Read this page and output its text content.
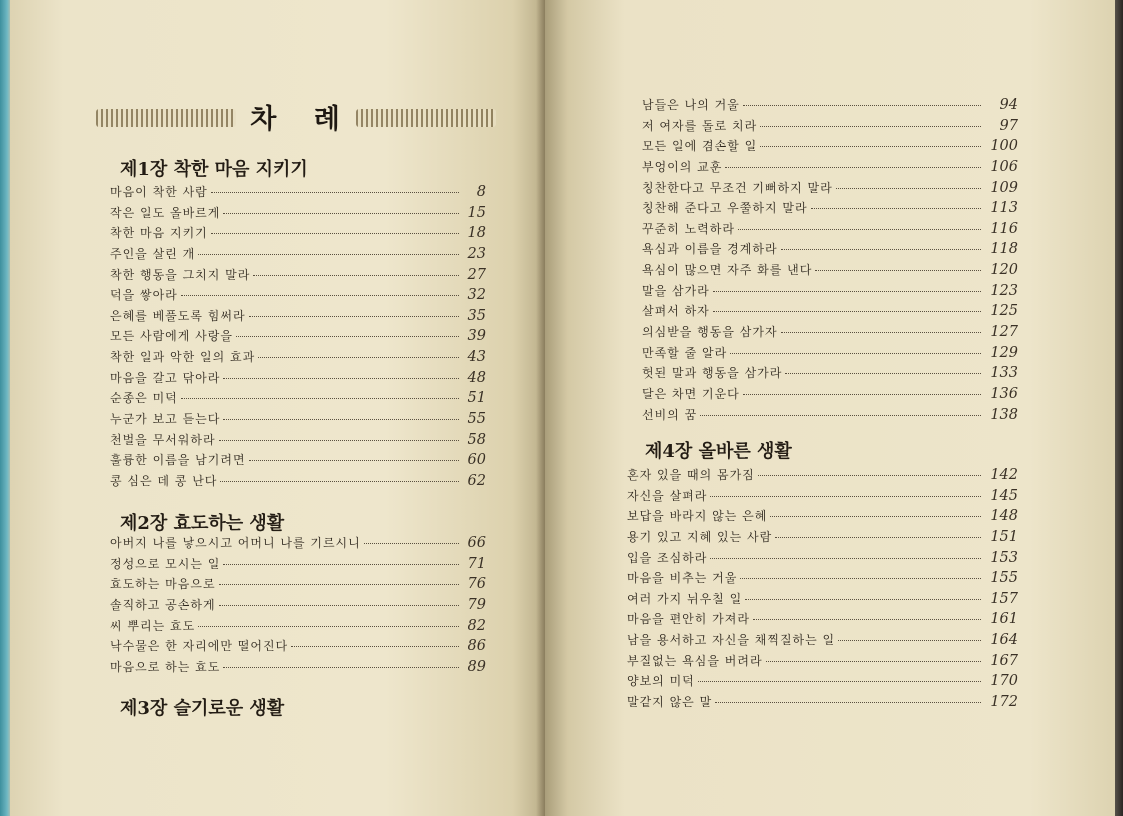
차 례
제1장 착한 마음 지키기
마음이 착한 사람	8
작은 일도 올바르게	15
착한 마음 지키기	18
주인을 살린 개	23
착한 행동을 그치지 말라	27
덕을 쌓아라	32
은혜를 베풀도록 힘써라	35
모든 사람에게 사랑을	39
착한 일과 악한 일의 효과	43
마음을 갈고 닦아라	48
순종은 미덕	51
누군가 보고 듣는다	55
천벌을 무서워하라	58
훌륭한 이름을 남기려면	60
콩 심은 데 콩 난다	62
제2장 효도하는 생활
아버지 나를 낳으시고 어머니 나를 기르시니	66
정성으로 모시는 일	71
효도하는 마음으로	76
솔직하고 공손하게	79
씨 뿌리는 효도	82
낙수물은 한 자리에만 떨어진다	86
마음으로 하는 효도	89
제3장 슬기로운 생활
남들은 나의 거울	94
저 여자를 돌로 치라	97
모든 일에 겸손할 일	100
부엉이의 교훈	106
칭찬한다고 무조건 기뻐하지 말라	109
칭찬해 준다고 우쭐하지 말라	113
꾸준히 노력하라	116
욕심과 이름을 경계하라	118
욕심이 많으면 자주 화를 낸다	120
말을 삼가라	123
살펴서 하자	125
의심받을 행동을 삼가자	127
만족할 줄 알라	129
헛된 말과 행동을 삼가라	133
달은 차면 기운다	136
선비의 꿈	138
제4장 올바른 생활
혼자 있을 때의 몸가짐	142
자신을 살펴라	145
보답을 바라지 않는 은혜	148
용기 있고 지혜 있는 사람	151
입을 조심하라	153
마음을 비추는 거울	155
여러 가지 뉘우칠 일	157
마음을 편안히 가져라	161
남을 용서하고 자신을 채찍질하는 일	164
부질없는 욕심을 버려라	167
양보의 미덕	170
말같지 않은 말	172
